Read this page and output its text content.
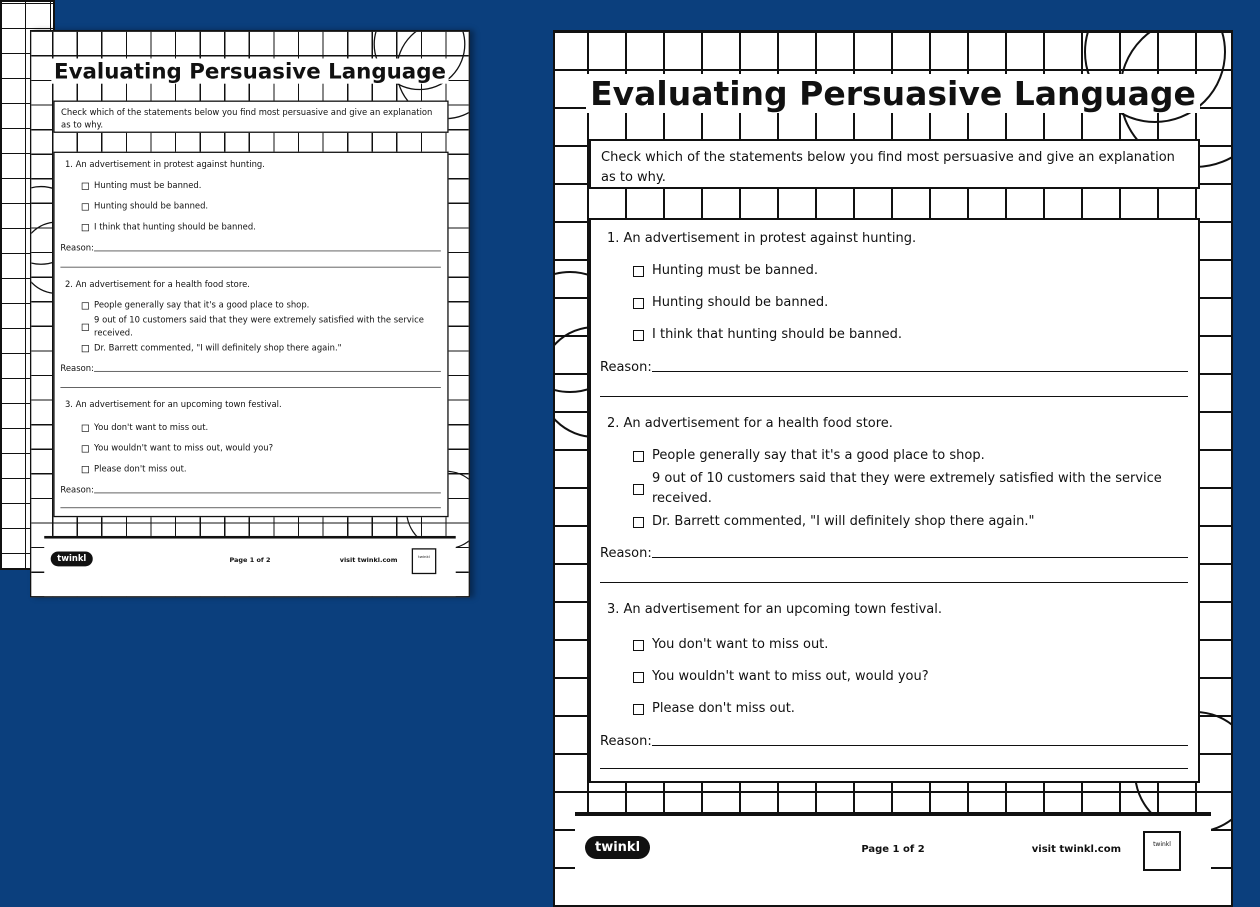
Evaluating Persuasive Language
Check which of the statements below you find most persuasive and give an explanation as to why.
1. An advertisement in protest against hunting.
Hunting must be banned.
Hunting should be banned.
I think that hunting should be banned.
Reason:
2. An advertisement for a health food store.
People generally say that it's a good place to shop.
9 out of 10 customers said that they were extremely satisfied with the service received.
Dr. Barrett commented, "I will definitely shop there again."
Reason:
3. An advertisement for an upcoming town festival.
You don't want to miss out.
You wouldn't want to miss out, would you?
Please don't miss out.
Reason:
twinkl	Page 1 of 2	visit twinkl.com	twinkl
Evaluating Persuasive Language
Check which of the statements below you find most persuasive and give an explanation as to why.
1. An advertisement in protest against hunting.
Hunting must be banned.
Hunting should be banned.
I think that hunting should be banned.
Reason:
2. An advertisement for a health food store.
People generally say that it's a good place to shop.
9 out of 10 customers said that they were extremely satisfied with the service received.
Dr. Barrett commented, "I will definitely shop there again."
Reason:
3. An advertisement for an upcoming town festival.
You don't want to miss out.
You wouldn't want to miss out, would you?
Please don't miss out.
Reason:
twinkl	Page 1 of 2	visit twinkl.com	twinkl
